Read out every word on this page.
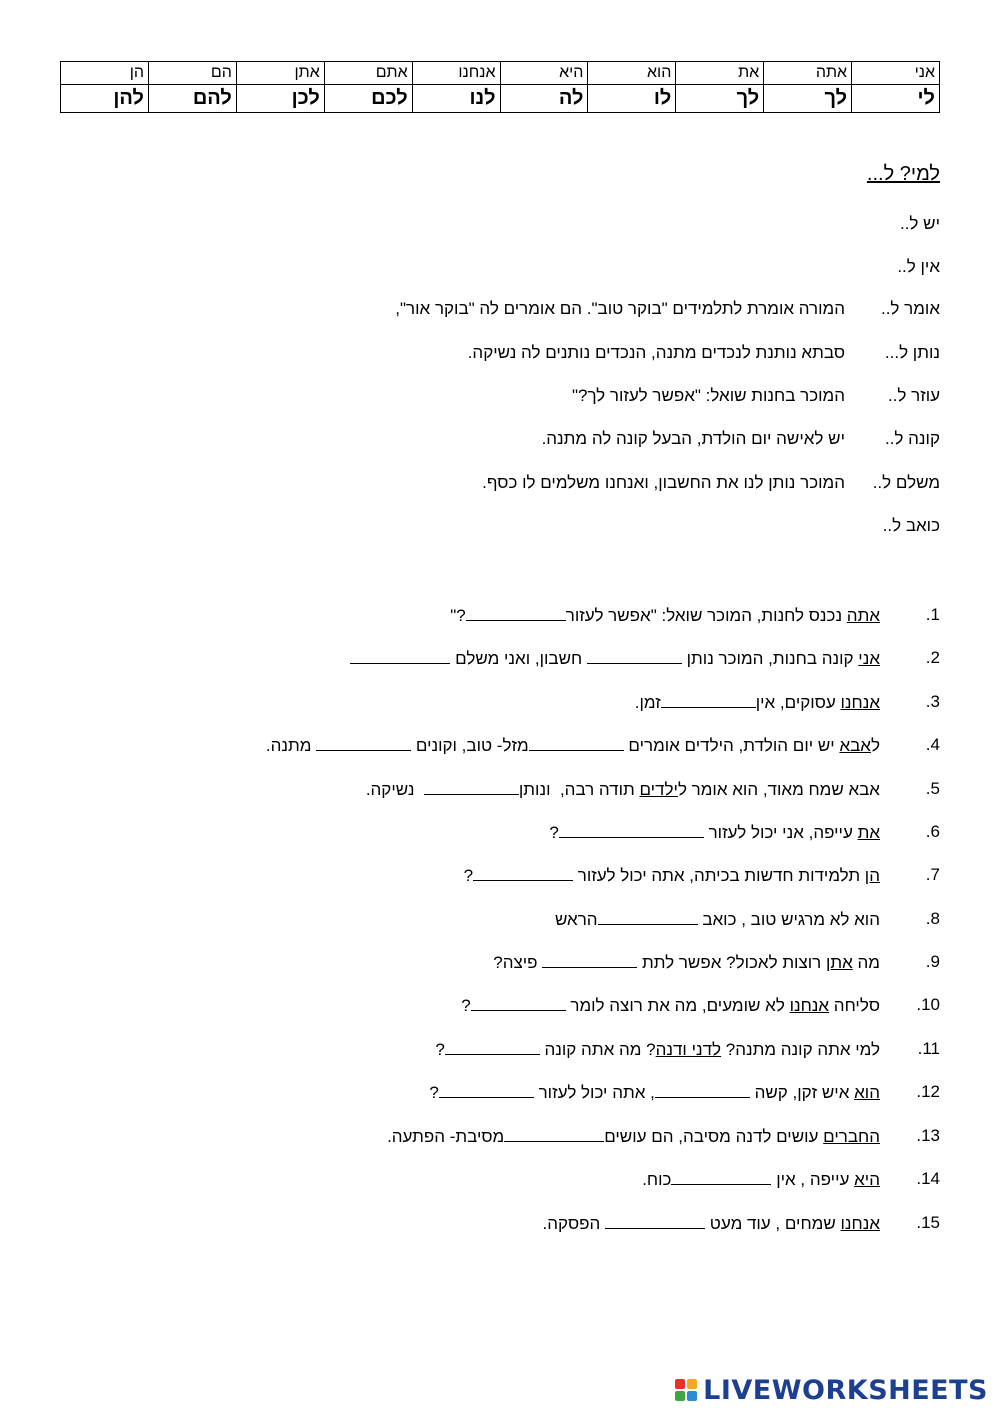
אני	אתה	את	הוא	היא	אנחנו	אתם	אתן	הם	הן
לי	לך	לך	לו	לה	לנו	לכם	לכן	להם	להן
למי? ל...
יש ל..
אין ל..
אומר ל..המורה אומרת לתלמידים "בוקר טוב". הם אומרים לה "בוקר אור",
נותן ל...סבתא נותנת לנכדים מתנה, הנכדים נותנים לה נשיקה.
עוזר ל..המוכר בחנות שואל: "אפשר לעזור לך?"
קונה ל..יש לאישה יום הולדת, הבעל קונה לה מתנה.
משלם ל..המוכר נותן לנו את החשבון, ואנחנו משלמים לו כסף.
כואב ל..
1.
אתה נכנס לחנות, המוכר שואל: "אפשר לעזור?"
2.
אני קונה בחנות, המוכר נותן  חשבון, ואני משלם
3.
אנחנו עסוקים, איןזמן.
4.
לאבא יש יום הולדת, הילדים אומרים מזל- טוב, וקונים  מתנה.
5.
אבא שמח מאוד, הוא אומר לילדים תודה רבה,  ונותן  נשיקה.
6.
את עייפה, אני יכול לעזור ?
7.
הן תלמידות חדשות בכיתה, אתה יכול לעזור ?
8.
הוא לא מרגיש טוב , כואב הראש
9.
מה אתן רוצות לאכול? אפשר לתת  פיצה?
10.
סליחה אנחנו לא שומעים, מה את רוצה לומר ?
11.
למי אתה קונה מתנה? לדני ודנה? מה אתה קונה ?
12.
הוא איש זקן, קשה , אתה יכול לעזור ?
13.
החברים עושים לדנה מסיבה, הם עושיםמסיבת- הפתעה.
14.
היא עייפה , אין כוח.
15.
אנחנו שמחים , עוד מעט  הפסקה.
LIVEWORKSHEETS
